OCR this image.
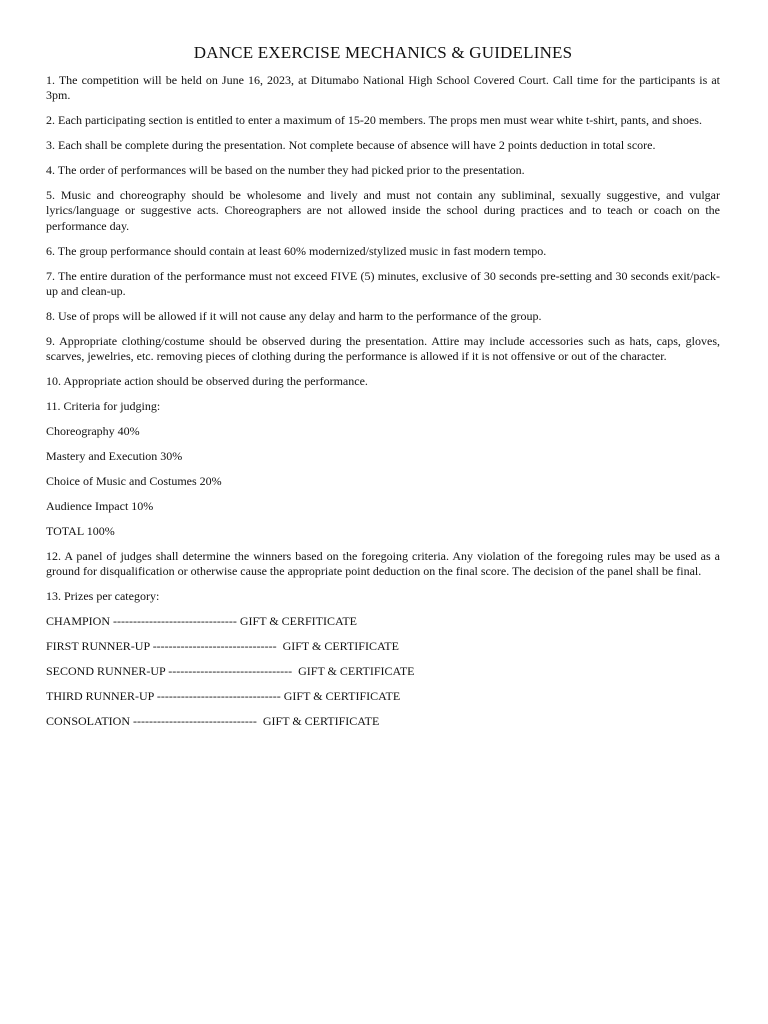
DANCE EXERCISE MECHANICS & GUIDELINES

1. The competition will be held on June 16, 2023, at Ditumabo National High School Covered Court. Call time for the participants is at 3pm.

2. Each participating section is entitled to enter a maximum of 15-20 members. The props men must wear white t-shirt, pants, and shoes.

3. Each shall be complete during the presentation. Not complete because of absence will have 2 points deduction in total score.

4. The order of performances will be based on the number they had picked prior to the presentation.

5. Music and choreography should be wholesome and lively and must not contain any subliminal, sexually suggestive, and vulgar lyrics/language or suggestive acts. Choreographers are not allowed inside the school during practices and to teach or coach on the performance day.

6. The group performance should contain at least 60% modernized/stylized music in fast modern tempo.

7. The entire duration of the performance must not exceed FIVE (5) minutes, exclusive of 30 seconds pre-setting and 30 seconds exit/pack-up and clean-up.

8. Use of props will be allowed if it will not cause any delay and harm to the performance of the group.

9. Appropriate clothing/costume should be observed during the presentation. Attire may include accessories such as hats, caps, gloves, scarves, jewelries, etc. removing pieces of clothing during the performance is allowed if it is not offensive or out of the character.

10. Appropriate action should be observed during the performance.

11. Criteria for judging:

Choreography 40%

Mastery and Execution 30%

Choice of Music and Costumes 20%

Audience Impact 10%

TOTAL 100%

12. A panel of judges shall determine the winners based on the foregoing criteria. Any violation of the foregoing rules may be used as a ground for disqualification or otherwise cause the appropriate point deduction on the final score. The decision of the panel shall be final.

13. Prizes per category:

CHAMPION ------------------------------- GIFT & CERFITICATE

FIRST RUNNER-UP -------------------------------  GIFT & CERTIFICATE

SECOND RUNNER-UP -------------------------------  GIFT & CERTIFICATE

THIRD RUNNER-UP ------------------------------- GIFT & CERTIFICATE

CONSOLATION -------------------------------  GIFT & CERTIFICATE
